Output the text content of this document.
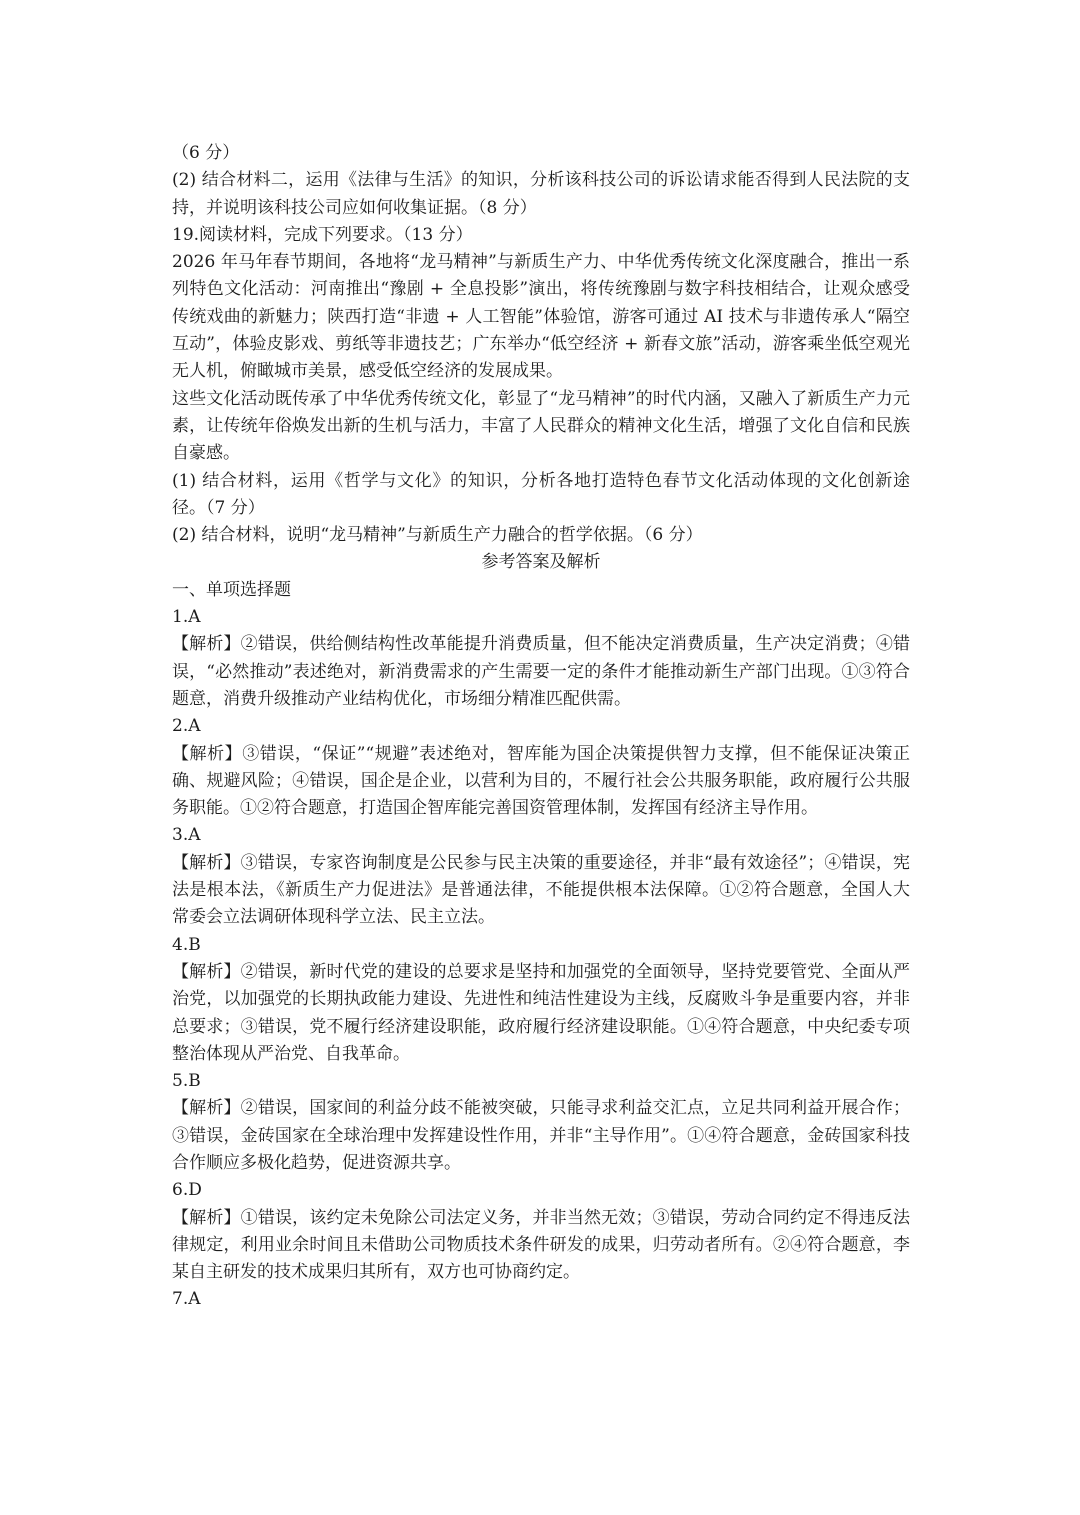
（6 分）

(2) 结合材料二，运用《法律与生活》的知识，分析该科技公司的诉讼请求能否得到人民法院的支持，并说明该科技公司应如何收集证据。（8 分）

19.阅读材料，完成下列要求。（13 分）

2026 年马年春节期间，各地将“龙马精神”与新质生产力、中华优秀传统文化深度融合，推出一系列特色文化活动：河南推出“豫剧 + 全息投影”演出，将传统豫剧与数字科技相结合，让观众感受传统戏曲的新魅力；陕西打造“非遗 + 人工智能”体验馆，游客可通过 AI 技术与非遗传承人“隔空互动”，体验皮影戏、剪纸等非遗技艺；广东举办“低空经济 + 新春文旅”活动，游客乘坐低空观光无人机，俯瞰城市美景，感受低空经济的发展成果。

这些文化活动既传承了中华优秀传统文化，彰显了“龙马精神”的时代内涵，又融入了新质生产力元素，让传统年俗焕发出新的生机与活力，丰富了人民群众的精神文化生活，增强了文化自信和民族自豪感。

(1) 结合材料，运用《哲学与文化》的知识，分析各地打造特色春节文化活动体现的文化创新途径。（7 分）

(2) 结合材料，说明“龙马精神”与新质生产力融合的哲学依据。（6 分）

参考答案及解析

一、单项选择题

1.A

【解析】②错误，供给侧结构性改革能提升消费质量，但不能决定消费质量，生产决定消费；④错误，“必然推动”表述绝对，新消费需求的产生需要一定的条件才能推动新生产部门出现。①③符合题意，消费升级推动产业结构优化，市场细分精准匹配供需。

2.A

【解析】③错误，“保证”“规避”表述绝对，智库能为国企决策提供智力支撑，但不能保证决策正确、规避风险；④错误，国企是企业，以营利为目的，不履行社会公共服务职能，政府履行公共服务职能。①②符合题意，打造国企智库能完善国资管理体制，发挥国有经济主导作用。

3.A

【解析】③错误，专家咨询制度是公民参与民主决策的重要途径，并非“最有效途径”；④错误，宪法是根本法，《新质生产力促进法》是普通法律，不能提供根本法保障。①②符合题意，全国人大常委会立法调研体现科学立法、民主立法。

4.B

【解析】②错误，新时代党的建设的总要求是坚持和加强党的全面领导，坚持党要管党、全面从严治党，以加强党的长期执政能力建设、先进性和纯洁性建设为主线，反腐败斗争是重要内容，并非总要求；③错误，党不履行经济建设职能，政府履行经济建设职能。①④符合题意，中央纪委专项整治体现从严治党、自我革命。

5.B

【解析】②错误，国家间的利益分歧不能被突破，只能寻求利益交汇点，立足共同利益开展合作；③错误，金砖国家在全球治理中发挥建设性作用，并非“主导作用”。①④符合题意，金砖国家科技合作顺应多极化趋势，促进资源共享。

6.D

【解析】①错误，该约定未免除公司法定义务，并非当然无效；③错误，劳动合同约定不得违反法律规定，利用业余时间且未借助公司物质技术条件研发的成果，归劳动者所有。②④符合题意，李某自主研发的技术成果归其所有，双方也可协商约定。

7.A
